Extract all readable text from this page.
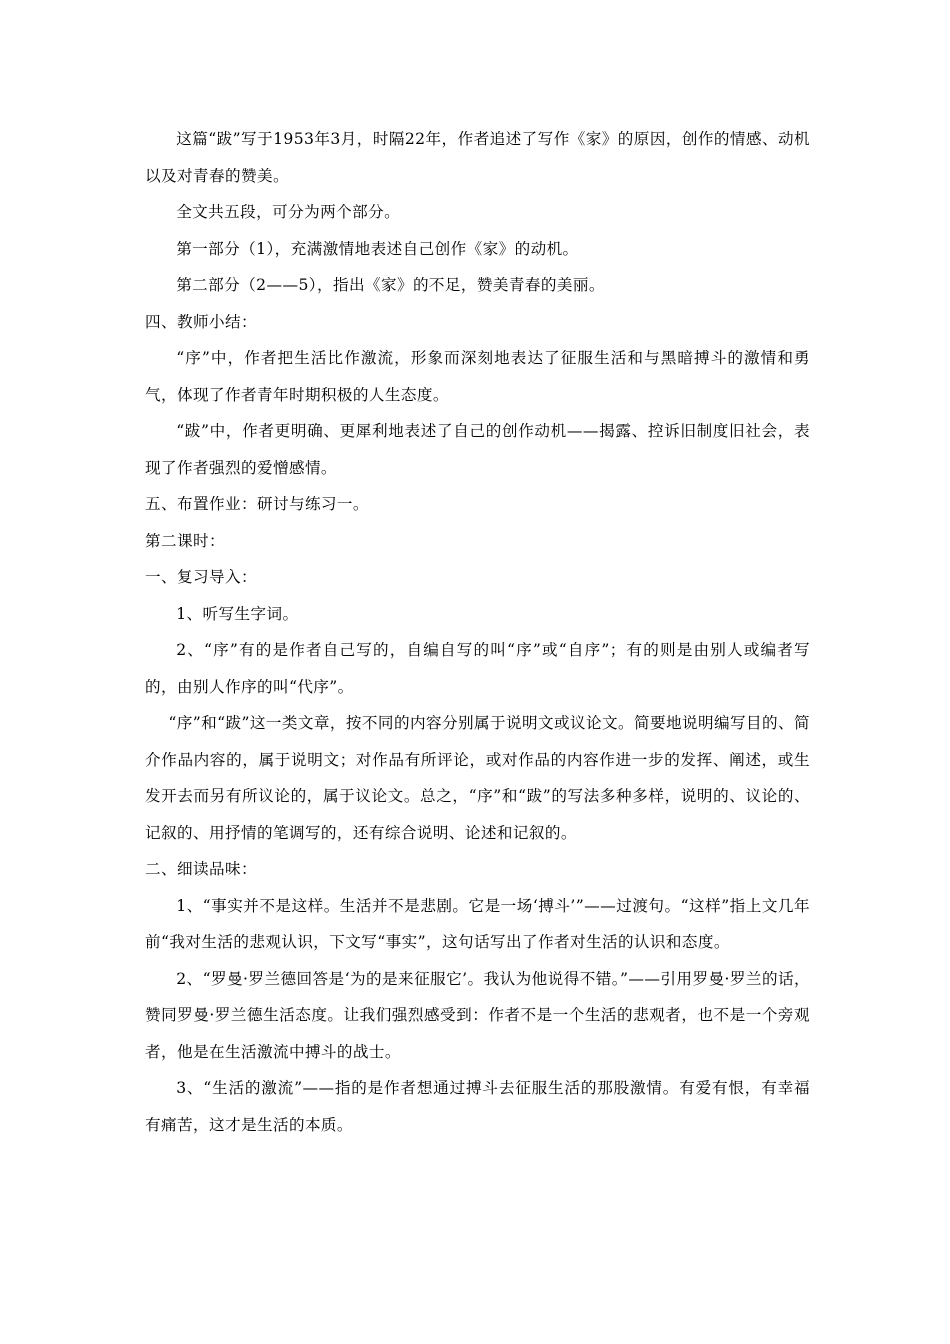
这篇“跋”写于1953年3月，时隔22年，作者追述了写作《家》的原因，创作的情感、动机以及对青春的赞美。

全文共五段，可分为两个部分。

第一部分（1），充满激情地表述自己创作《家》的动机。

第二部分（2——5），指出《家》的不足，赞美青春的美丽。

四、教师小结：

“序”中，作者把生活比作激流，形象而深刻地表达了征服生活和与黑暗搏斗的激情和勇气，体现了作者青年时期积极的人生态度。

“跋”中，作者更明确、更犀利地表述了自己的创作动机——揭露、控诉旧制度旧社会，表现了作者强烈的爱憎感情。

五、布置作业：研讨与练习一。

第二课时：

一、复习导入：

1、听写生字词。

2、“序”有的是作者自己写的，自编自写的叫“序”或“自序”；有的则是由别人或编者写的，由别人作序的叫“代序”。

“序”和“跋”这一类文章，按不同的内容分别属于说明文或议论文。简要地说明编写目的、简介作品内容的，属于说明文；对作品有所评论，或对作品的内容作进一步的发挥、阐述，或生发开去而另有所议论的，属于议论文。总之，“序”和“跋”的写法多种多样，说明的、议论的、记叙的、用抒情的笔调写的，还有综合说明、论述和记叙的。

二、细读品味：

1、“事实并不是这样。生活并不是悲剧。它是一场‘搏斗’”——过渡句。“这样”指上文几年前“我对生活的悲观认识，下文写“事实”，这句话写出了作者对生活的认识和态度。

2、“罗曼·罗兰德回答是‘为的是来征服它’。我认为他说得不错。”——引用罗曼·罗兰的话，赞同罗曼·罗兰德生活态度。让我们强烈感受到：作者不是一个生活的悲观者，也不是一个旁观者，他是在生活激流中搏斗的战士。

3、“生活的激流”——指的是作者想通过搏斗去征服生活的那股激情。有爱有恨，有幸福有痛苦，这才是生活的本质。
